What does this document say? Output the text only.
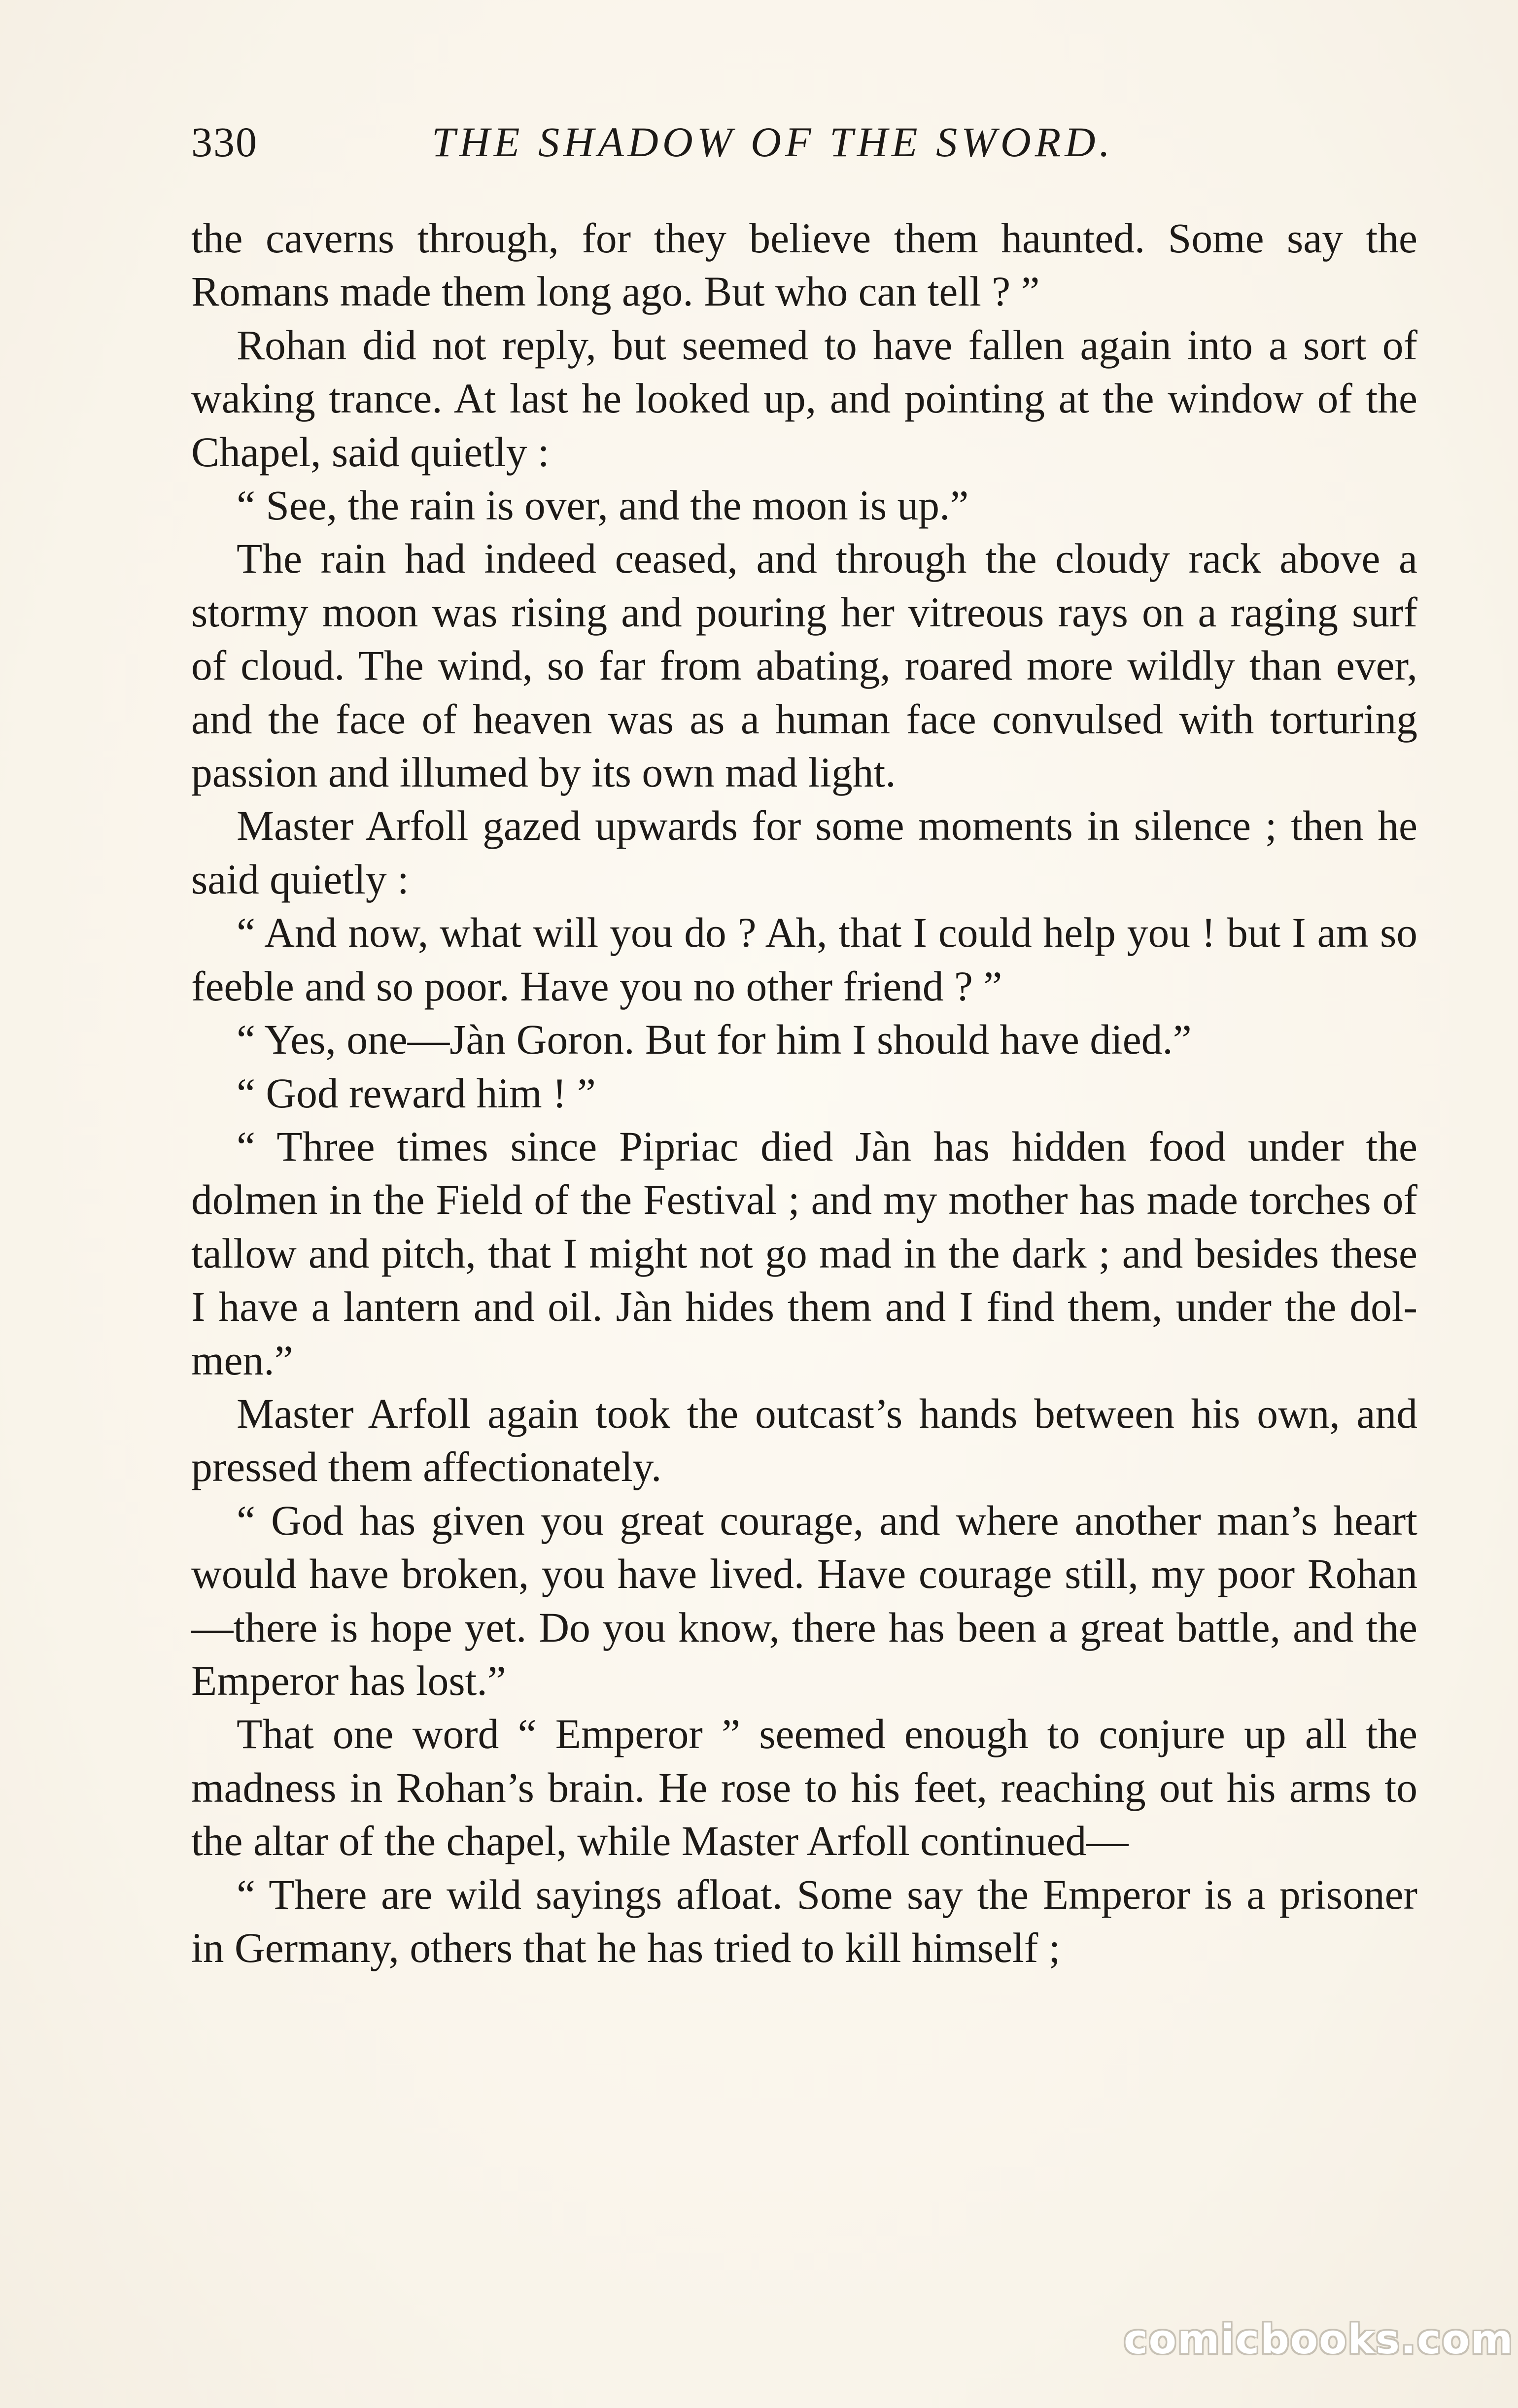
330	THE SHADOW OF THE SWORD.

the caverns through, for they believe them haunted. Some say the Romans made them long ago. But who can tell ? ”

Rohan did not reply, but seemed to have fallen again into a sort of waking trance. At last he looked up, and pointing at the window of the Chapel, said quietly :

“ See, the rain is over, and the moon is up.”

The rain had indeed ceased, and through the cloudy rack above a stormy moon was rising and pouring her vitreous rays on a raging surf of cloud. The wind, so far from abating, roared more wildly than ever, and the face of heaven was as a human face convulsed with torturing passion and illumed by its own mad light.

Master Arfoll gazed upwards for some moments in silence ; then he said quietly :

“ And now, what will you do ? Ah, that I could help you ! but I am so feeble and so poor. Have you no other friend ? ”

“ Yes, one—Jàn Goron. But for him I should have died.”

“ God reward him ! ”

“ Three times since Pipriac died Jàn has hidden food under the dolmen in the Field of the Festival ; and my mother has made torches of tallow and pitch, that I might not go mad in the dark ; and besides these I have a lantern and oil. Jàn hides them and I find them, under the dol-men.”

Master Arfoll again took the outcast’s hands between his own, and pressed them affectionately.

“ God has given you great courage, and where another man’s heart would have broken, you have lived. Have courage still, my poor Rohan—there is hope yet. Do you know, there has been a great battle, and the Emperor has lost.”

That one word “ Emperor ” seemed enough to conjure up all the madness in Rohan’s brain. He rose to his feet, reaching out his arms to the altar of the chapel, while Master Arfoll continued—

“ There are wild sayings afloat. Some say the Emperor is a prisoner in Germany, others that he has tried to kill himself ;

comicbooks.com
